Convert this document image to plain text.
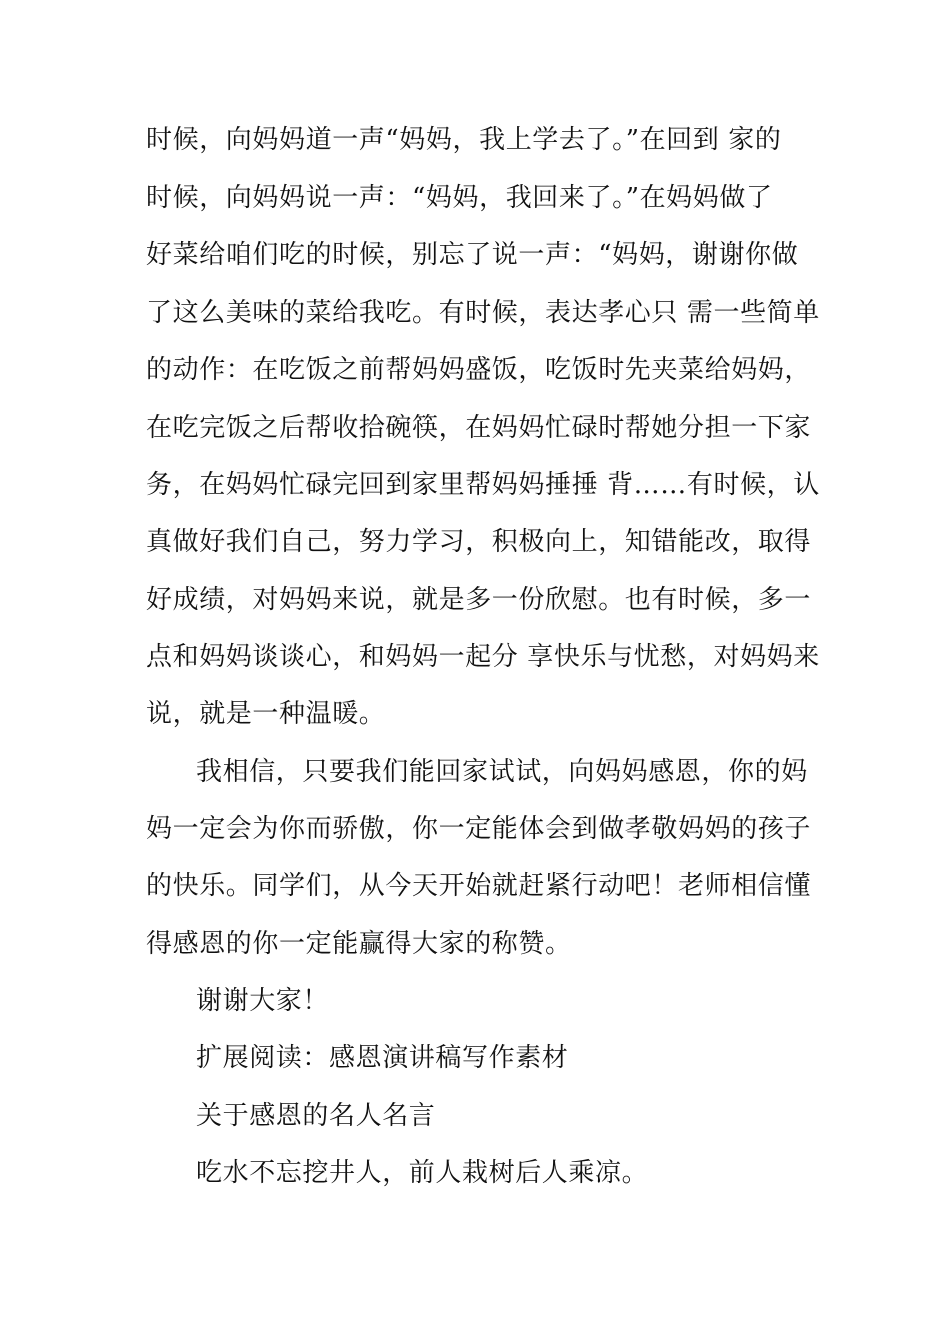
时候，向妈妈道一声“妈妈，我上学去了。”在回到 家的
时候，向妈妈说一声：“妈妈，我回来了。”在妈妈做了
好菜给咱们吃的时候，别忘了说一声：“妈妈，谢谢你做
了这么美味的菜给我吃。有时候，表达孝心只 需一些简单
的动作：在吃饭之前帮妈妈盛饭，吃饭时先夹菜给妈妈，
在吃完饭之后帮收拾碗筷，在妈妈忙碌时帮她分担一下家
务，在妈妈忙碌完回到家里帮妈妈捶捶 背……有时候，认
真做好我们自己，努力学习，积极向上，知错能改，取得
好成绩，对妈妈来说，就是多一份欣慰。也有时候，多一
点和妈妈谈谈心，和妈妈一起分 享快乐与忧愁，对妈妈来
说，就是一种温暖。
我相信，只要我们能回家试试，向妈妈感恩，你的妈
妈一定会为你而骄傲，你一定能体会到做孝敬妈妈的孩子
的快乐。同学们，从今天开始就赶紧行动吧！老师相信懂
得感恩的你一定能赢得大家的称赞。
谢谢大家！
扩展阅读：感恩演讲稿写作素材
关于感恩的名人名言
吃水不忘挖井人，前人栽树后人乘凉。
